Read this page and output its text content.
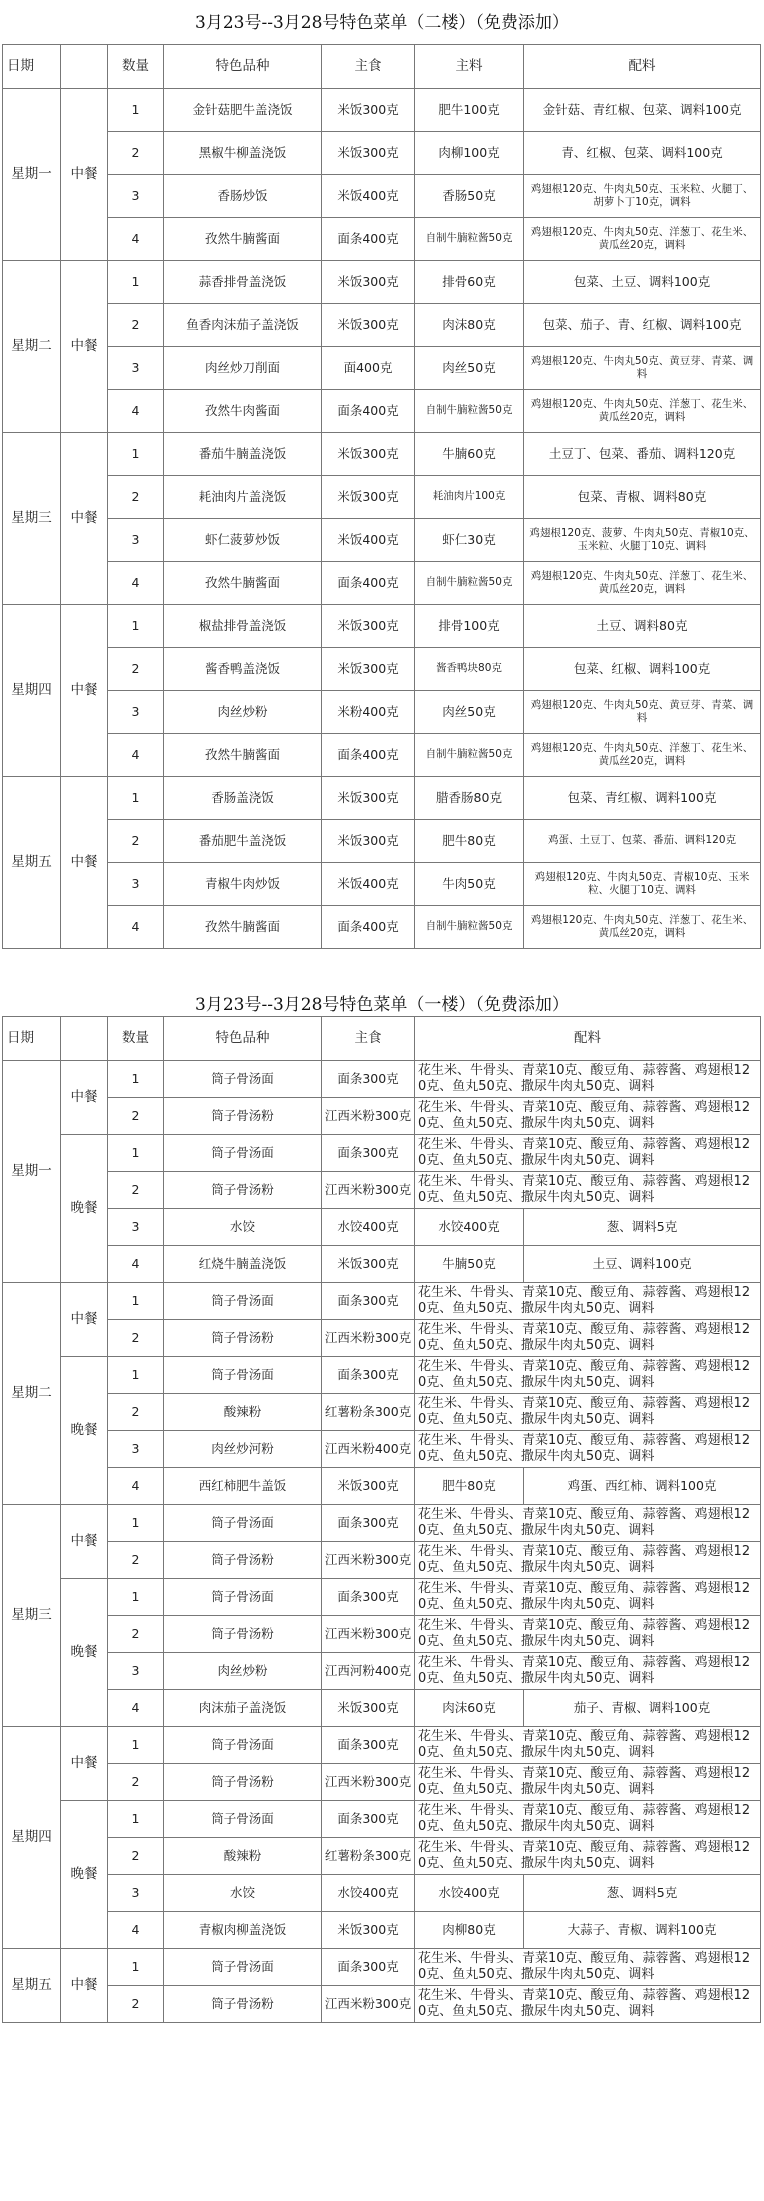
3月23号--3月28号特色菜单（二楼）（免费添加）
日期		数量	特色品种	主食	主料	配料
星期一	中餐	1	金针菇肥牛盖浇饭	米饭300克	肥牛100克	金针菇、青红椒、包菜、调料100克
		2	黑椒牛柳盖浇饭	米饭300克	肉柳100克	青、红椒、包菜、调料100克
		3	香肠炒饭	米饭400克	香肠50克	鸡翅根120克、牛肉丸50克、玉米粒、火腿丁、胡萝卜丁10克，调料
		4	孜然牛腩酱面	面条400克	自制牛腩粒酱50克	鸡翅根120克、牛肉丸50克、洋葱丁、花生米、黄瓜丝20克，调料
星期二	中餐	1	蒜香排骨盖浇饭	米饭300克	排骨60克	包菜、土豆、调料100克
		2	鱼香肉沫茄子盖浇饭	米饭300克	肉沫80克	包菜、茄子、青、红椒、调料100克
		3	肉丝炒刀削面	面400克	肉丝50克	鸡翅根120克、牛肉丸50克、黄豆芽、青菜、调料
		4	孜然牛肉酱面	面条400克	自制牛腩粒酱50克	鸡翅根120克、牛肉丸50克、洋葱丁、花生米、黄瓜丝20克，调料
星期三	中餐	1	番茄牛腩盖浇饭	米饭300克	牛腩60克	土豆丁、包菜、番茄、调料120克
		2	耗油肉片盖浇饭	米饭300克	耗油肉片100克	包菜、青椒、调料80克
		3	虾仁菠萝炒饭	米饭400克	虾仁30克	鸡翅根120克、菠萝、牛肉丸50克、青椒10克、玉米粒、火腿丁10克、调料
		4	孜然牛腩酱面	面条400克	自制牛腩粒酱50克	鸡翅根120克、牛肉丸50克、洋葱丁、花生米、黄瓜丝20克，调料
星期四	中餐	1	椒盐排骨盖浇饭	米饭300克	排骨100克	土豆、调料80克
		2	酱香鸭盖浇饭	米饭300克	酱香鸭块80克	包菜、红椒、调料100克
		3	肉丝炒粉	米粉400克	肉丝50克	鸡翅根120克、牛肉丸50克、黄豆芽、青菜、调料
		4	孜然牛腩酱面	面条400克	自制牛腩粒酱50克	鸡翅根120克、牛肉丸50克、洋葱丁、花生米、黄瓜丝20克，调料
星期五	中餐	1	香肠盖浇饭	米饭300克	腊香肠80克	包菜、青红椒、调料100克
		2	番茄肥牛盖浇饭	米饭300克	肥牛80克	鸡蛋、土豆丁、包菜、番茄、调料120克
		3	青椒牛肉炒饭	米饭400克	牛肉50克	鸡翅根120克、牛肉丸50克、青椒10克、玉米粒、火腿丁10克、调料
		4	孜然牛腩酱面	面条400克	自制牛腩粒酱50克	鸡翅根120克、牛肉丸50克、洋葱丁、花生米、黄瓜丝20克，调料
3月23号--3月28号特色菜单（一楼）（免费添加）
日期		数量	特色品种	主食	配料	
星期一	中餐	1	筒子骨汤面	面条300克	花生米、牛骨头、青菜10克、酸豆角、蒜蓉酱、鸡翅根120克、鱼丸50克、撒尿牛肉丸50克、调料	
		2	筒子骨汤粉	江西米粉300克	花生米、牛骨头、青菜10克、酸豆角、蒜蓉酱、鸡翅根120克、鱼丸50克、撒尿牛肉丸50克、调料	
	晚餐	1	筒子骨汤面	面条300克	花生米、牛骨头、青菜10克、酸豆角、蒜蓉酱、鸡翅根120克、鱼丸50克、撒尿牛肉丸50克、调料	
		2	筒子骨汤粉	江西米粉300克	花生米、牛骨头、青菜10克、酸豆角、蒜蓉酱、鸡翅根120克、鱼丸50克、撒尿牛肉丸50克、调料	
		3	水饺	水饺400克	水饺400克	葱、调料5克
		4	红烧牛腩盖浇饭	米饭300克	牛腩50克	土豆、调料100克
星期二	中餐	1	筒子骨汤面	面条300克	花生米、牛骨头、青菜10克、酸豆角、蒜蓉酱、鸡翅根120克、鱼丸50克、撒尿牛肉丸50克、调料	
		2	筒子骨汤粉	江西米粉300克	花生米、牛骨头、青菜10克、酸豆角、蒜蓉酱、鸡翅根120克、鱼丸50克、撒尿牛肉丸50克、调料	
	晚餐	1	筒子骨汤面	面条300克	花生米、牛骨头、青菜10克、酸豆角、蒜蓉酱、鸡翅根120克、鱼丸50克、撒尿牛肉丸50克、调料	
		2	酸辣粉	红薯粉条300克	花生米、牛骨头、青菜10克、酸豆角、蒜蓉酱、鸡翅根120克、鱼丸50克、撒尿牛肉丸50克、调料	
		3	肉丝炒河粉	江西米粉400克	花生米、牛骨头、青菜10克、酸豆角、蒜蓉酱、鸡翅根120克、鱼丸50克、撒尿牛肉丸50克、调料	
		4	西红柿肥牛盖饭	米饭300克	肥牛80克	鸡蛋、西红柿、调料100克
星期三	中餐	1	筒子骨汤面	面条300克	花生米、牛骨头、青菜10克、酸豆角、蒜蓉酱、鸡翅根120克、鱼丸50克、撒尿牛肉丸50克、调料	
		2	筒子骨汤粉	江西米粉300克	花生米、牛骨头、青菜10克、酸豆角、蒜蓉酱、鸡翅根120克、鱼丸50克、撒尿牛肉丸50克、调料	
	晚餐	1	筒子骨汤面	面条300克	花生米、牛骨头、青菜10克、酸豆角、蒜蓉酱、鸡翅根120克、鱼丸50克、撒尿牛肉丸50克、调料	
		2	筒子骨汤粉	江西米粉300克	花生米、牛骨头、青菜10克、酸豆角、蒜蓉酱、鸡翅根120克、鱼丸50克、撒尿牛肉丸50克、调料	
		3	肉丝炒粉	江西河粉400克	花生米、牛骨头、青菜10克、酸豆角、蒜蓉酱、鸡翅根120克、鱼丸50克、撒尿牛肉丸50克、调料	
		4	肉沫茄子盖浇饭	米饭300克	肉沫60克	茄子、青椒、调料100克
星期四	中餐	1	筒子骨汤面	面条300克	花生米、牛骨头、青菜10克、酸豆角、蒜蓉酱、鸡翅根120克、鱼丸50克、撒尿牛肉丸50克、调料	
		2	筒子骨汤粉	江西米粉300克	花生米、牛骨头、青菜10克、酸豆角、蒜蓉酱、鸡翅根120克、鱼丸50克、撒尿牛肉丸50克、调料	
	晚餐	1	筒子骨汤面	面条300克	花生米、牛骨头、青菜10克、酸豆角、蒜蓉酱、鸡翅根120克、鱼丸50克、撒尿牛肉丸50克、调料	
		2	酸辣粉	红薯粉条300克	花生米、牛骨头、青菜10克、酸豆角、蒜蓉酱、鸡翅根120克、鱼丸50克、撒尿牛肉丸50克、调料	
		3	水饺	水饺400克	水饺400克	葱、调料5克
		4	青椒肉柳盖浇饭	米饭300克	肉柳80克	大蒜子、青椒、调料100克
星期五	中餐	1	筒子骨汤面	面条300克	花生米、牛骨头、青菜10克、酸豆角、蒜蓉酱、鸡翅根120克、鱼丸50克、撒尿牛肉丸50克、调料	
		2	筒子骨汤粉	江西米粉300克	花生米、牛骨头、青菜10克、酸豆角、蒜蓉酱、鸡翅根120克、鱼丸50克、撒尿牛肉丸50克、调料	
